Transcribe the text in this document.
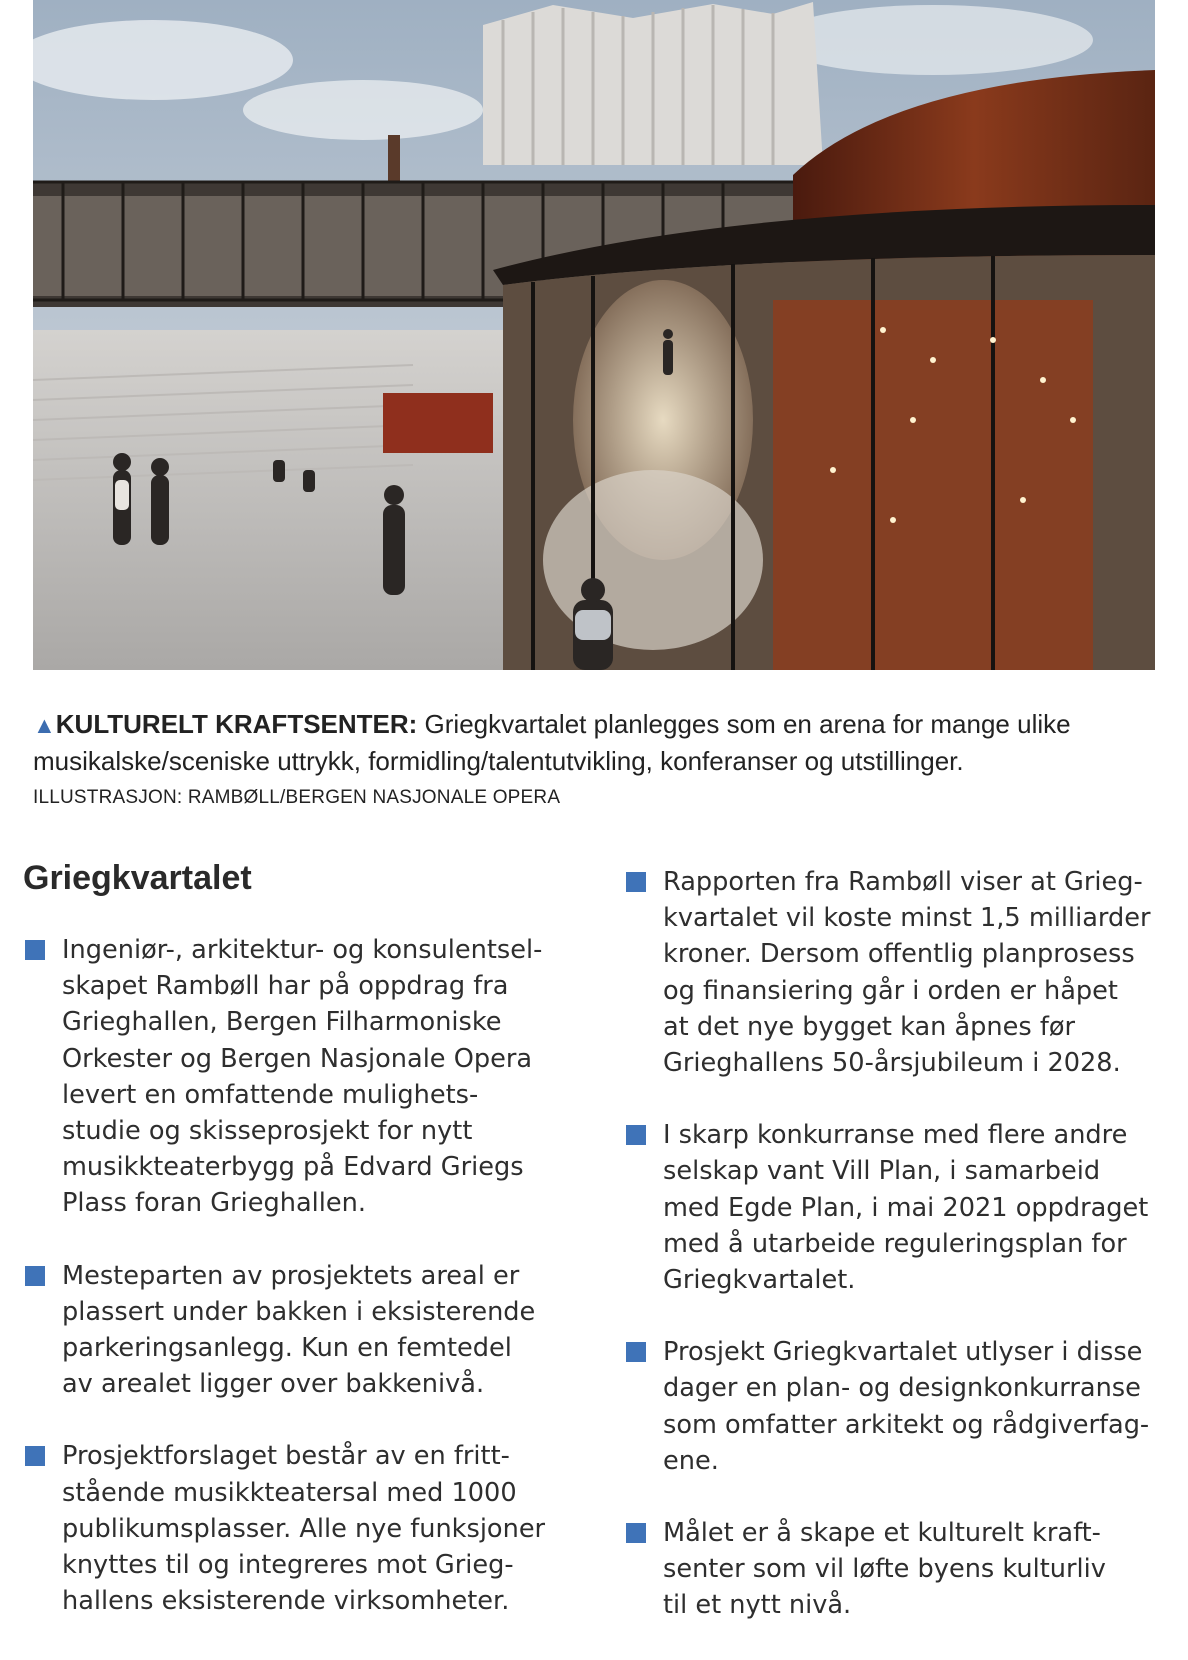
▲KULTURELT KRAFTSENTER: Griegkvartalet planlegges som en arena for mange ulike musikalske/sceniske uttrykk, formidling/talentutvikling, konferanser og utstillinger.
ILLUSTRASJON: RAMBØLL/BERGEN NASJONALE OPERA
Griegkvartalet
Ingeniør-, arkitektur- og konsulentsel-
skapet Rambøll har på oppdrag fra
Grieghallen, Bergen Filharmoniske
Orkester og Bergen Nasjonale Opera
levert en omfattende mulighets-
studie og skisseprosjekt for nytt
musikkteaterbygg på Edvard Griegs
Plass foran Grieghallen.
Mesteparten av prosjektets areal er
plassert under bakken i eksisterende
parkeringsanlegg. Kun en femtedel
av arealet ligger over bakkenivå.
Prosjektforslaget består av en fritt-
stående musikkteatersal med 1000
publikumsplasser. Alle nye funksjoner
knyttes til og integreres mot Grieg-
hallens eksisterende virksomheter.
Rapporten fra Rambøll viser at Grieg-
kvartalet vil koste minst 1,5 milliarder
kroner. Dersom offentlig planprosess
og finansiering går i orden er håpet
at det nye bygget kan åpnes før
Grieghallens 50-årsjubileum i 2028.
I skarp konkurranse med flere andre
selskap vant Vill Plan, i samarbeid
med Egde Plan, i mai 2021 oppdraget
med å utarbeide reguleringsplan for
Griegkvartalet.
Prosjekt Griegkvartalet utlyser i disse
dager en plan- og designkonkurranse
som omfatter arkitekt og rådgiverfag-
ene.
Målet er å skape et kulturelt kraft-
senter som vil løfte byens kulturliv
til et nytt nivå.
